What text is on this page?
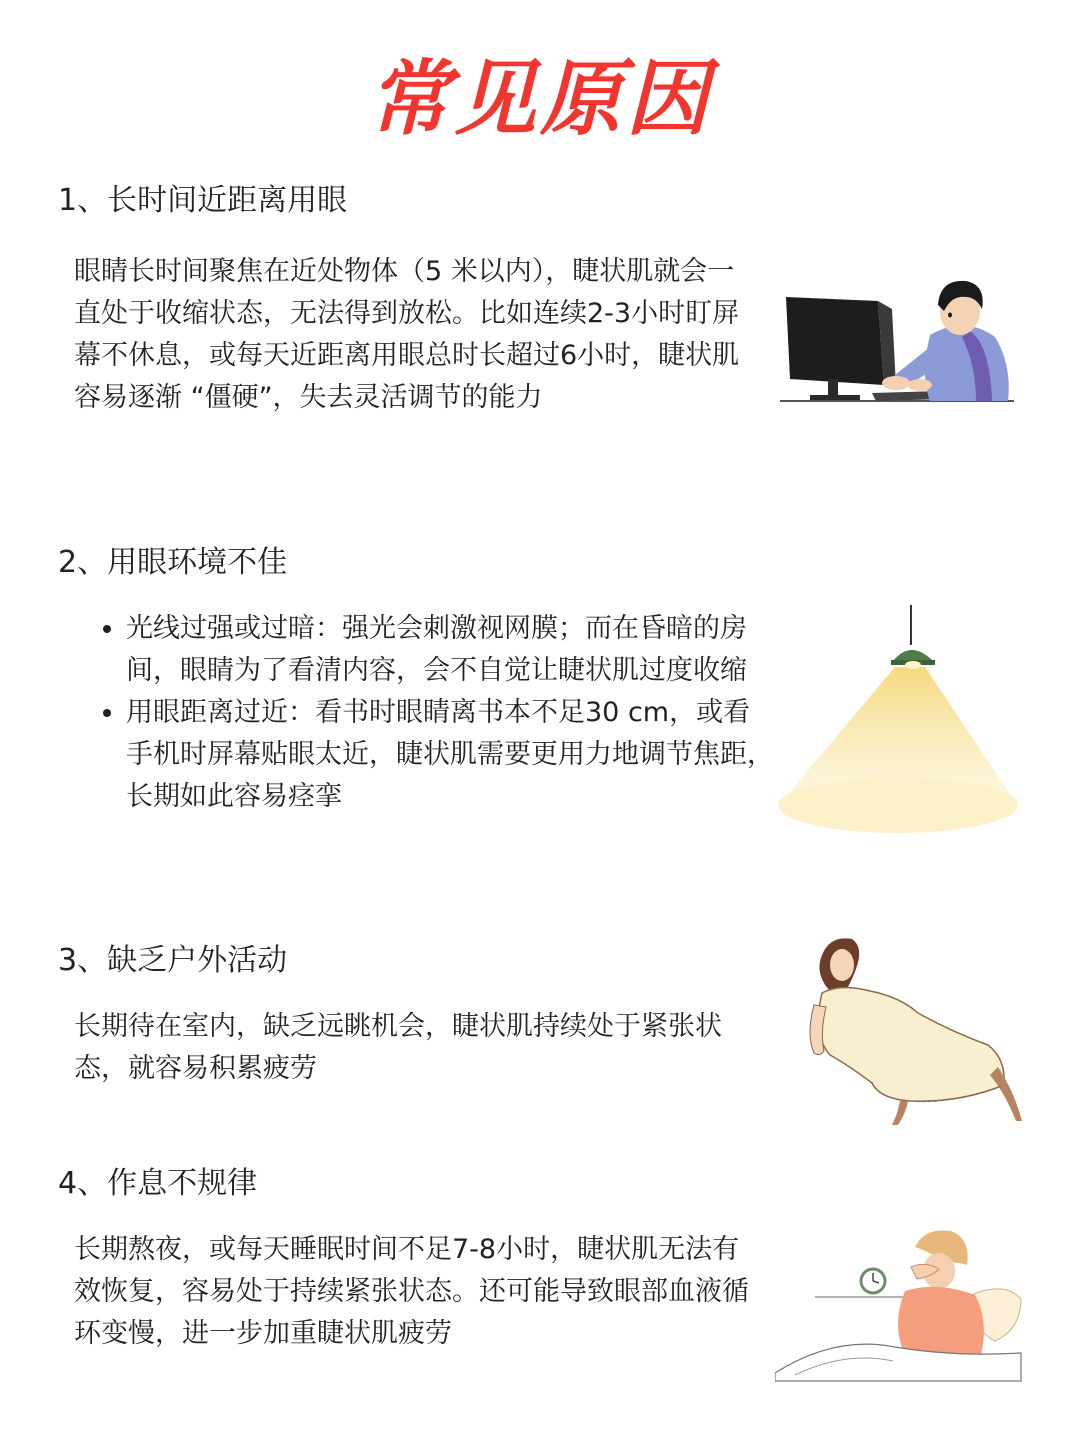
常见原因
1、长时间近距离用眼

眼睛长时间聚焦在近处物体（5 米以内），睫状肌就会一直处于收缩状态，无法得到放松。比如连续2-3小时盯屏幕不休息，或每天近距离用眼总时长超过6小时，睫状肌容易逐渐 “僵硬”，失去灵活调节的能力

2、用眼环境不佳
• 光线过强或过暗：强光会刺激视网膜；而在昏暗的房间，眼睛为了看清内容，会不自觉让睫状肌过度收缩
• 用眼距离过近：看书时眼睛离书本不足30 cm，或看手机时屏幕贴眼太近，睫状肌需要更用力地调节焦距，长期如此容易痉挛
3、缺乏户外活动

长期待在室内，缺乏远眺机会，睫状肌持续处于紧张状态，就容易积累疲劳

4、作息不规律

长期熬夜，或每天睡眠时间不足7-8小时，睫状肌无法有效恢复，容易处于持续紧张状态。还可能导致眼部血液循环变慢，进一步加重睫状肌疲劳
